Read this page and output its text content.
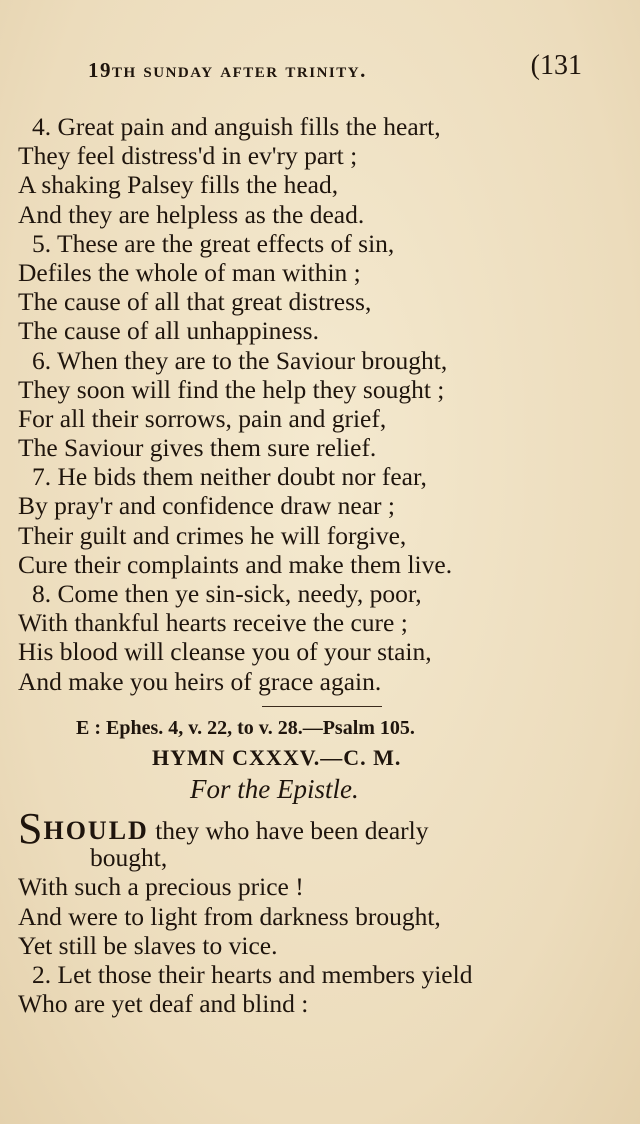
19th sunday after trinity.	(131
4. Great pain and anguish fills the heart,
They feel distress'd in ev'ry part ;
A shaking Palsey fills the head,
And they are helpless as the dead.
5. These are the great effects of sin,
Defiles the whole of man within ;
The cause of all that great distress,
The cause of all unhappiness.
6. When they are to the Saviour brought,
They soon will find the help they sought ;
For all their sorrows, pain and grief,
The Saviour gives them sure relief.
7. He bids them neither doubt nor fear,
By pray'r and confidence draw near ;
Their guilt and crimes he will forgive,
Cure their complaints and make them live.
8. Come then ye sin-sick, needy, poor,
With thankful hearts receive the cure ;
His blood will cleanse you of your stain,
And make you heirs of grace again.
E : Ephes. 4, v. 22, to v. 28.—Psalm 105.
HYMN CXXXV.—C. M.
For the Epistle.
SHOULD they who have been dearly
bought,
With such a precious price !
And were to light from darkness brought,
Yet still be slaves to vice.
2. Let those their hearts and members yield
Who are yet deaf and blind :
